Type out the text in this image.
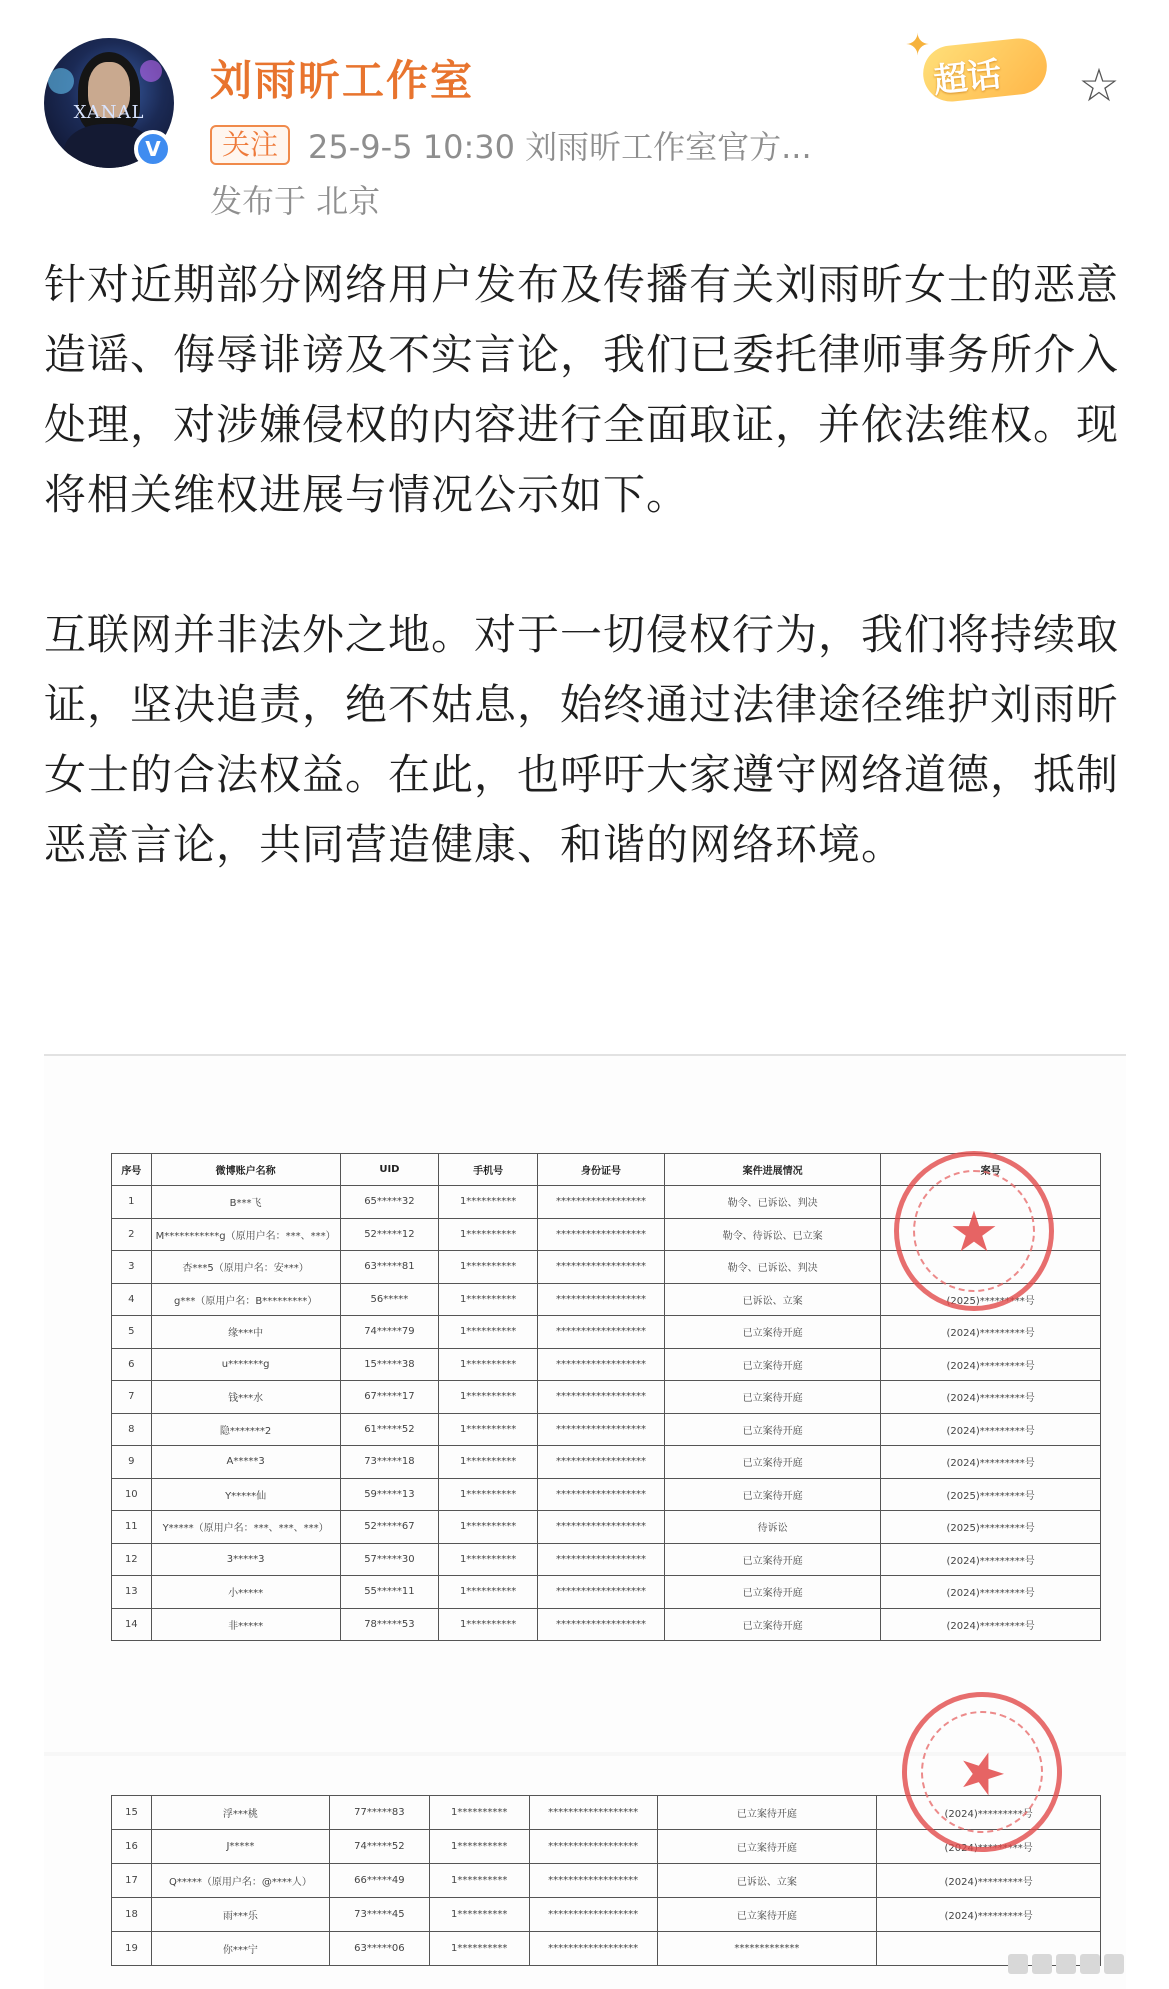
XANAL
V
刘雨昕工作室
关注 25-9-5 10:30 刘雨昕工作室官方...
发布于 北京
✦
超话 ☆

针对近期部分网络用户发布及传播有关刘雨昕女士的恶意造谣、侮辱诽谤及不实言论，我们已委托律师事务所介入处理，对涉嫌侵权的内容进行全面取证，并依法维权。现将相关维权进展与情况公示如下。

互联网并非法外之地。对于一切侵权行为，我们将持续取证，坚决追责，绝不姑息，始终通过法律途径维护刘雨昕女士的合法权益。在此，也呼吁大家遵守网络道德，抵制恶意言论，共同营造健康、和谐的网络环境。

序号	微博账户名称	UID	手机号	身份证号	案件进展情况	案号
1	B***飞	65*****32	1**********	******************	勒令、已诉讼、判决	
2	M***********g（原用户名：***、***）	52*****12	1**********	******************	勒令、待诉讼、已立案	
3	杏***5（原用户名：安***）	63*****81	1**********	******************	勒令、已诉讼、判决	
4	g***（原用户名：B*********）	56*****	1**********	******************	已诉讼、立案	(2025)*********号
5	缘***中	74*****79	1**********	******************	已立案待开庭	(2024)*********号
6	u*******g	15*****38	1**********	******************	已立案待开庭	(2024)*********号
7	钱***水	67*****17	1**********	******************	已立案待开庭	(2024)*********号
8	隐*******2	61*****52	1**********	******************	已立案待开庭	(2024)*********号
9	A*****3	73*****18	1**********	******************	已立案待开庭	(2024)*********号
10	Y*****仙	59*****13	1**********	******************	已立案待开庭	(2025)*********号
11	Y*****（原用户名：***、***、***）	52*****67	1**********	******************	待诉讼	(2025)*********号
12	3*****3	57*****30	1**********	******************	已立案待开庭	(2024)*********号
13	小*****	55*****11	1**********	******************	已立案待开庭	(2024)*********号
14	非*****	78*****53	1**********	******************	已立案待开庭	(2024)*********号
★
15	浮***桃	77*****83	1**********	******************	已立案待开庭	(2024)*********号
16	J*****	74*****52	1**********	******************	已立案待开庭	(2024)*********号
17	Q*****（原用户名：@****人）	66*****49	1**********	******************	已诉讼、立案	(2024)*********号
18	雨***乐	73*****45	1**********	******************	已立案待开庭	(2024)*********号
19	你***宁	63*****06	1**********	******************	*************	
★
